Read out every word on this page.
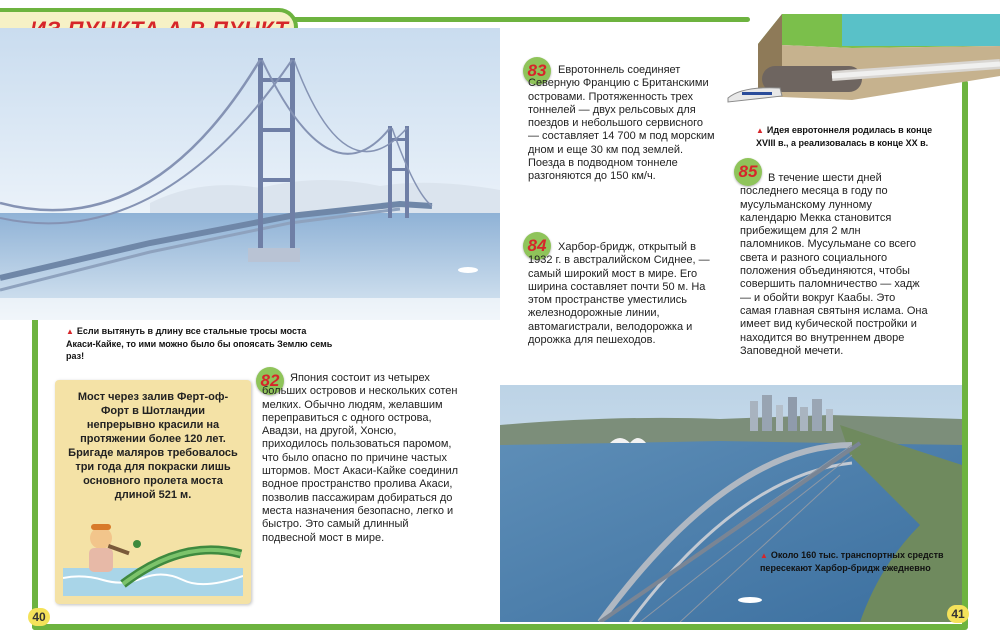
▲ Если вытянуть в длину все стальные тросы моста Акаси-Кайке, то ими можно было бы опоясать Землю семь раз!
Мост через залив Ферт-оф-Форт в Шотландии непрерывно красили на протяжении более 120 лет. Бригаде маляров требовалось три года для покраски лишь основного пролета моста длиной 521 м.
82 Япония состоит из четырех больших островов и нескольких сотен мелких. Обычно людям, желавшим переправиться с одного острова, Авадзи, на другой, Хонсю, приходилось пользоваться паромом, что было опасно по причине частых штормов. Мост Акаси-Кайке соединил водное пространство пролива Акаси, позволив пассажирам добираться до места назначения безопасно, легко и быстро. Это самый длинный подвесной мост в мире.
83	Евротоннель соединяет Северную Францию с Британскими островами. Протяженность трех тоннелей — двух рельсовых для поездов и небольшого сервисного — составляет 14 700 м под морским дном и еще 30 км под землей. Поезда в подводном тоннеле разгоняются до 150 км/ч.
84	Харбор-бридж, открытый в 1932 г. в австралийском Сиднее, — самый широкий мост в мире. Его ширина составляет почти 50 м. На этом пространстве уместились железнодорожные линии, автомагистрали, велодорожка и дорожка для пешеходов.
▲ Идея евротоннеля родилась в конце XVIII в., а реализовалась в конце XX в.
85 В течение шести дней последнего месяца в году по мусульманскому лунному календарю Мекка становится прибежищем для 2 млн паломников. Мусульмане со всего света и разного социального положения объединяются, чтобы совершить паломничество — хадж — и обойти вокруг Каабы. Это самая главная святыня ислама. Она имеет вид кубической постройки и находится во внутреннем дворе Заповедной мечети.
▲ Около 160 тыс. транспортных средств пересекают Харбор-бридж ежедневно
40	41
